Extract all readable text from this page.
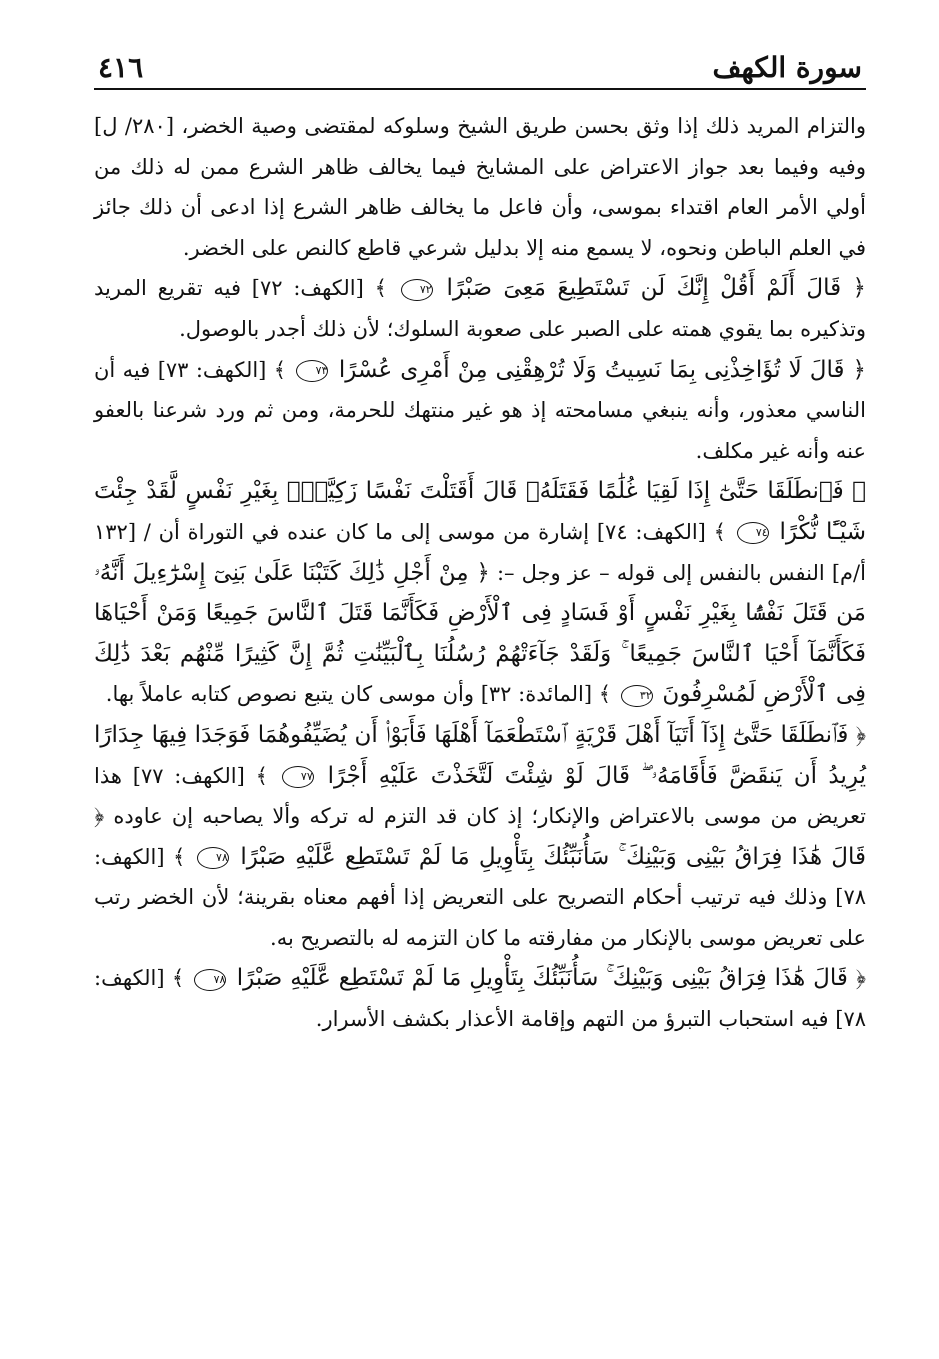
سورة الكهف
٤١٦

والتزام المريد ذلك إذا وثق بحسن طريق الشيخ وسلوكه لمقتضى وصية الخضر، [٢٨٠/ ل] وفيه وفيما بعد جواز الاعتراض على المشايخ فيما يخالف ظاهر الشرع ممن له ذلك من أولي الأمر العام اقتداء بموسى، وأن فاعل ما يخالف ظاهر الشرع إذا ادعى أن ذلك جائز في العلم الباطن ونحوه، لا يسمع منه إلا بدليل شرعي قاطع كالنص على الخضر.

﴿ قَالَ أَلَمْ أَقُلْ إِنَّكَ لَن تَسْتَطِيعَ مَعِىَ صَبْرًا ٧٢ ﴾ [الكهف: ٧٢] فيه تقريع المريد وتذكيره بما يقوي همته على الصبر على صعوبة السلوك؛ لأن ذلك أجدر بالوصول.

﴿ قَالَ لَا تُؤَاخِذْنِى بِمَا نَسِيتُ وَلَا تُرْهِقْنِى مِنْ أَمْرِى عُسْرًا ٧٣ ﴾ [الكهف: ٧٣] فيه أن الناسي معذور، وأنه ينبغي مسامحته إذ هو غير منتهك للحرمة، ومن ثم ورد شرعنا بالعفو عنه وأنه غير مكلف.

﴿ فَٱنطَلَقَا حَتَّىٰٓ إِذَا لَقِيَا غُلَٰمًا فَقَتَلَهُۥ قَالَ أَقَتَلْتَ نَفْسًا زَكِيَّةًۢ بِغَيْرِ نَفْسٍ لَّقَدْ جِئْتَ شَيْـًٔا نُّكْرًا ٧٤ ﴾ [الكهف: ٧٤] إشارة من موسى إلى ما كان عنده في التوراة أن / [١٣٢ أ/م] النفس بالنفس إلى قوله – عز وجل –: ﴿ مِنْ أَجْلِ ذَٰلِكَ كَتَبْنَا عَلَىٰ بَنِىٓ إِسْرَٰٓءِيلَ أَنَّهُۥ مَن قَتَلَ نَفْسًۢا بِغَيْرِ نَفْسٍ أَوْ فَسَادٍ فِى ٱلْأَرْضِ فَكَأَنَّمَا قَتَلَ ٱلنَّاسَ جَمِيعًا وَمَنْ أَحْيَاهَا فَكَأَنَّمَآ أَحْيَا ٱلنَّاسَ جَمِيعًا ۚ وَلَقَدْ جَآءَتْهُمْ رُسُلُنَا بِٱلْبَيِّنَٰتِ ثُمَّ إِنَّ كَثِيرًا مِّنْهُم بَعْدَ ذَٰلِكَ فِى ٱلْأَرْضِ لَمُسْرِفُونَ ٣٢ ﴾ [المائدة: ٣٢] وأن موسى كان يتبع نصوص كتابه عاملاً بها.

﴿ فَٱنطَلَقَا حَتَّىٰٓ إِذَآ أَتَيَآ أَهْلَ قَرْيَةٍ ٱسْتَطْعَمَآ أَهْلَهَا فَأَبَوْا۟ أَن يُضَيِّفُوهُمَا فَوَجَدَا فِيهَا جِدَارًا يُرِيدُ أَن يَنقَضَّ فَأَقَامَهُۥ ۖ قَالَ لَوْ شِئْتَ لَتَّخَذْتَ عَلَيْهِ أَجْرًا ٧٧ ﴾ [الكهف: ٧٧] هذا تعريض من موسى بالاعتراض والإنكار؛ إذ كان قد التزم له تركه وألا يصاحبه إن عاوده ﴿ قَالَ هَٰذَا فِرَاقُ بَيْنِى وَبَيْنِكَ ۚ سَأُنَبِّئُكَ بِتَأْوِيلِ مَا لَمْ تَسْتَطِع عَّلَيْهِ صَبْرًا ٧٨ ﴾ [الكهف: ٧٨] وذلك فيه ترتيب أحكام التصريح على التعريض إذا أفهم معناه بقرينة؛ لأن الخضر رتب على تعريض موسى بالإنكار من مفارقته ما كان التزمه له بالتصريح به.

﴿ قَالَ هَٰذَا فِرَاقُ بَيْنِى وَبَيْنِكَ ۚ سَأُنَبِّئُكَ بِتَأْوِيلِ مَا لَمْ تَسْتَطِع عَّلَيْهِ صَبْرًا ٧٨ ﴾ [الكهف: ٧٨] فيه استحباب التبرؤ من التهم وإقامة الأعذار بكشف الأسرار.
